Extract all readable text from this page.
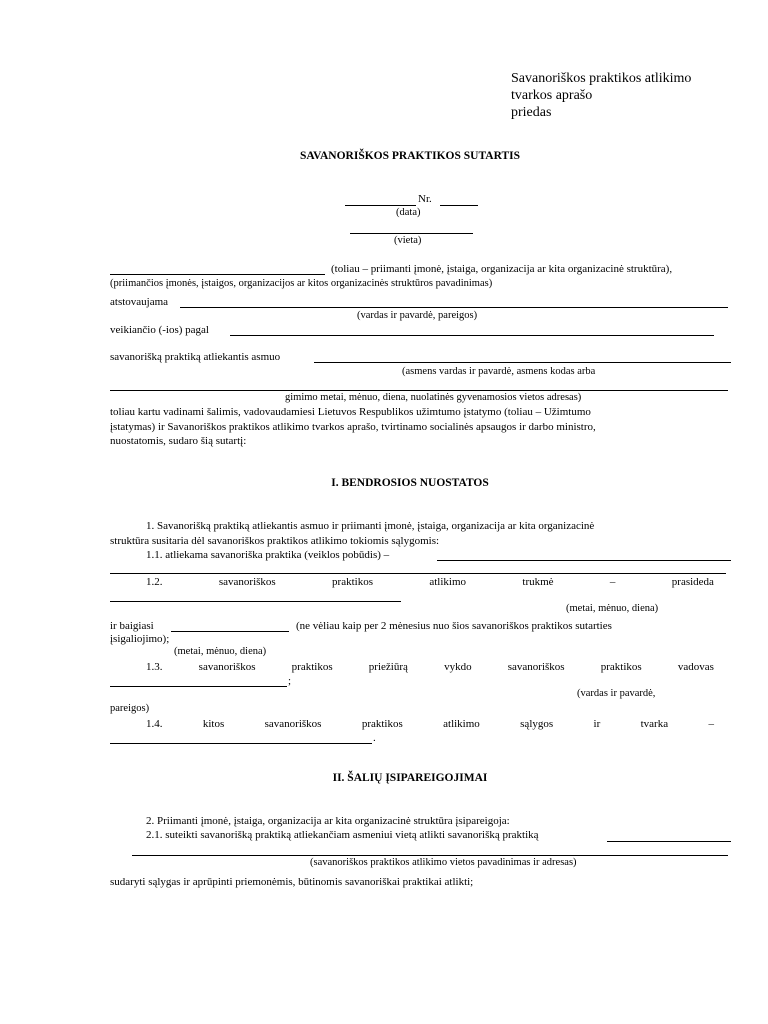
Savanoriškos praktikos atlikimo
tvarkos aprašo
priedas
SAVANORIŠKOS PRAKTIKOS SUTARTIS
Nr.
(data)
(vieta)
(toliau – priimanti įmonė, įstaiga, organizacija ar kita organizacinė struktūra),
(priimančios įmonės, įstaigos, organizacijos ar kitos organizacinės struktūros pavadinimas)
atstovaujama
(vardas ir pavardė, pareigos)
veikiančio (-ios) pagal
savanorišką praktiką atliekantis asmuo
(asmens vardas ir pavardė, asmens kodas arba
gimimo metai, mėnuo, diena, nuolatinės gyvenamosios vietos adresas)
toliau kartu vadinami šalimis, vadovaudamiesi Lietuvos Respublikos užimtumo įstatymo (toliau – Užimtumo
įstatymas) ir Savanoriškos praktikos atlikimo tvarkos aprašo, tvirtinamo socialinės apsaugos ir darbo ministro,
nuostatomis, sudaro šią sutartį:
I. BENDROSIOS NUOSTATOS
1. Savanorišką praktiką atliekantis asmuo ir priimanti įmonė, įstaiga, organizacija ar kita organizacinė
struktūra susitaria dėl savanoriškos praktikos atlikimo tokiomis sąlygomis:
1.1. atliekama savanoriška praktika (veiklos pobūdis) –
1.2.	savanoriškos	praktikos	atlikimo	trukmė	–	prasideda
(metai, mėnuo, diena)
ir baigiasi	(ne vėliau kaip per 2 mėnesius nuo šios savanoriškos praktikos sutarties
įsigaliojimo);
(metai, mėnuo, diena)
1.3.	savanoriškos	praktikos	priežiūrą	vykdo	savanoriškos	praktikos	vadovas
;
(vardas ir pavardė,
pareigos)
1.4.	kitos	savanoriškos	praktikos	atlikimo	sąlygos	ir	tvarka	–
.
II. ŠALIŲ ĮSIPAREIGOJIMAI
2. Priimanti įmonė, įstaiga, organizacija ar kita organizacinė struktūra įsipareigoja:
2.1. suteikti savanorišką praktiką atliekančiam asmeniui vietą atlikti savanorišką praktiką
(savanoriškos praktikos atlikimo vietos pavadinimas ir adresas)
sudaryti sąlygas ir aprūpinti priemonėmis, būtinomis savanoriškai praktikai atlikti;
